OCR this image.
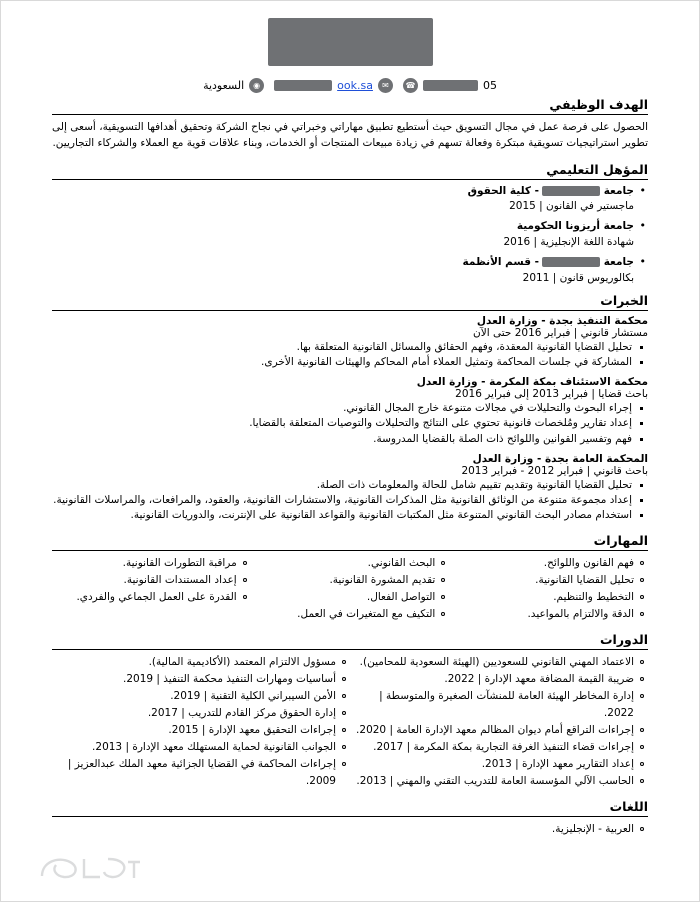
05
☎
✉
ook.sa
◉
السعودية
الهدف الوظيفي
الحصول على فرصة عمل في مجال التسويق حيث أستطيع تطبيق مهاراتي وخبراتي في نجاح الشركة وتحقيق أهدافها التسويقية، أسعى إلى تطوير استراتيجيات تسويقية مبتكرة وفعالة تسهم في زيادة مبيعات المنتجات أو الخدمات، وبناء علاقات قوية مع العملاء والشركاء التجاريين.
المؤهل التعليمي
• جامعة  - كلية الحقوق
ماجستير في القانون | 2015
• جامعة أريزونا الحكومية
شهادة اللغة الإنجليزية | 2016
• جامعة  - قسم الأنظمة
بكالوريوس قانون | 2011
الخبرات
محكمة التنفيذ بجدة - وزارة العدل
مستشار قانوني | فبراير 2016 حتى الآن
تحليل القضايا القانونية المعقدة، وفهم الحقائق والمسائل القانونية المتعلقة بها.
المشاركة في جلسات المحاكمة وتمثيل العملاء أمام المحاكم والهيئات القانونية الأخرى.
محكمة الاستئناف بمكة المكرمة - وزارة العدل
باحث قضايا | فبراير 2013 إلى فبراير 2016
إجراء البحوث والتحليلات في مجالات متنوعة خارج المجال القانوني.
إعداد تقارير ومُلخصات قانونية تحتوي على النتائج والتحليلات والتوصيات المتعلقة بالقضايا.
فهم وتفسير القوانين واللوائح ذات الصلة بالقضايا المدروسة.
المحكمة العامة بجدة - وزارة العدل
باحث قانوني | فبراير 2012 - فبراير 2013
تحليل القضايا القانونية وتقديم تقييم شامل للحالة والمعلومات ذات الصلة.
إعداد مجموعة متنوعة من الوثائق القانونية مثل المذكرات القانونية، والاستشارات القانونية، والعقود، والمرافعات، والمراسلات القانونية.
استخدام مصادر البحث القانوني المتنوعة مثل المكتبات القانونية والقواعد القانونية على الإنترنت، والدوريات القانونية.
المهارات
فهم القانون واللوائح.
تحليل القضايا القانونية.
التخطيط والتنظيم.
الدقة والالتزام بالمواعيد.
البحث القانوني.
تقديم المشورة القانونية.
التواصل الفعال.
التكيف مع المتغيرات في العمل.
مراقبة التطورات القانونية.
إعداد المستندات القانونية.
القدرة على العمل الجماعي والفردي.
الدورات
الاعتماد المهني القانوني للسعوديين (الهيئة السعودية للمحامين).
ضريبة القيمة المضافة معهد الإدارة | 2022.
إدارة المخاطر الهيئة العامة للمنشآت الصغيرة والمتوسطة | 2022.
إجراءات التراقع أمام ديوان المظالم معهد الإدارة العامة | 2020.
إجراءات قضاء التنفيذ الغرفة التجارية بمكة المكرمة | 2017.
إعداد التقارير معهد الإدارة | 2013.
الحاسب الآلي المؤسسة العامة للتدريب التقني والمهني | 2013.
مسؤول الالتزام المعتمد (الأكاديمية المالية).
أساسيات ومهارات التنفيذ محكمة التنفيذ | 2019.
الأمن السيبراني الكلية التقنية | 2019.
إدارة الحقوق مركز القادم للتدريب | 2017.
إجراءات التحقيق معهد الإدارة | 2015.
الجوانب القانونية لحماية المستهلك معهد الإدارة | 2013.
إجراءات المحاكمة في القضايا الجزائية معهد الملك عبدالعزيز | 2009.
اللغات
العربية - الإنجليزية.
